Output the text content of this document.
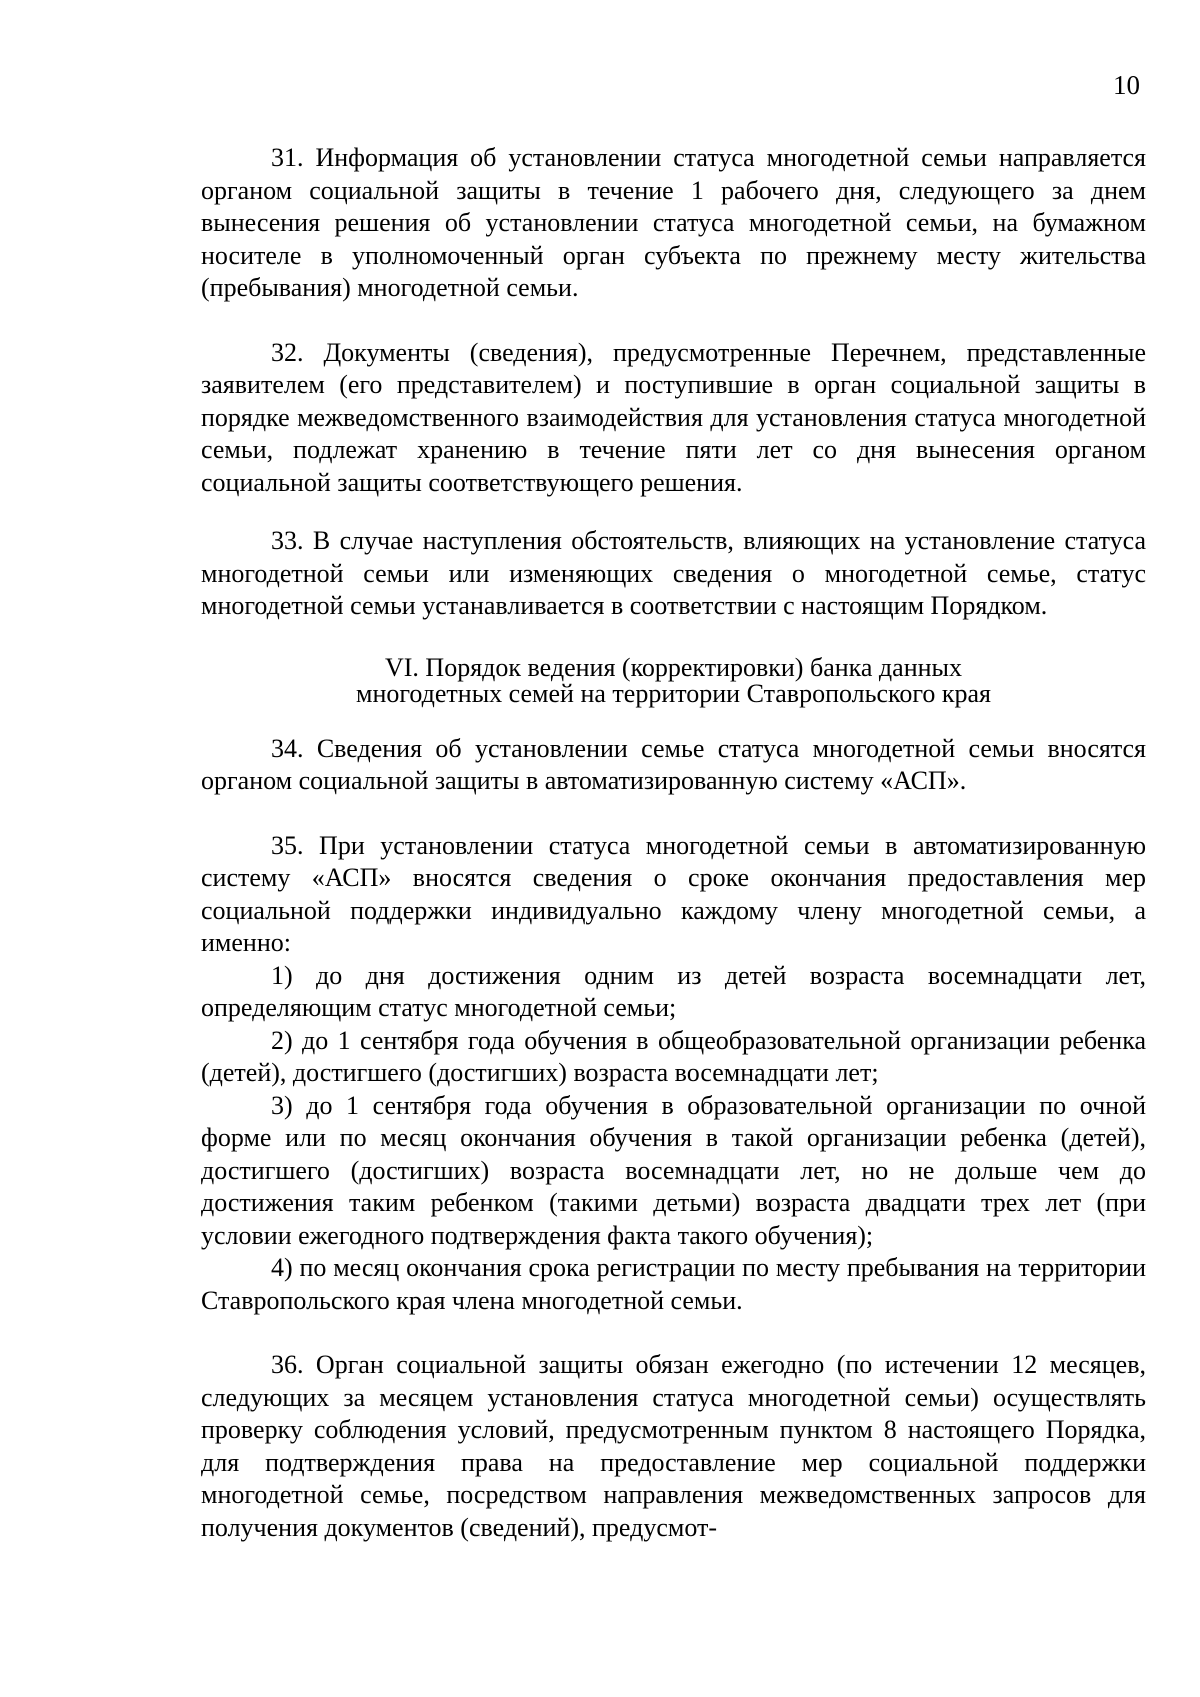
10

31. Информация об установлении статуса многодетной семьи направляется органом социальной защиты в течение 1 рабочего дня, следующего за днем вынесения решения об установлении статуса многодетной семьи, на бумажном носителе в уполномоченный орган субъекта по прежнему месту жительства (пребывания) многодетной семьи.

32. Документы (сведения), предусмотренные Перечнем, представленные заявителем (его представителем) и поступившие в орган социальной защиты в порядке межведомственного взаимодействия для установления статуса многодетной семьи, подлежат хранению в течение пяти лет со дня вынесения органом социальной защиты соответствующего решения.

33. В случае наступления обстоятельств, влияющих на установление статуса многодетной семьи или изменяющих сведения о многодетной семье, статус многодетной семьи устанавливается в соответствии с настоящим Порядком.

VI. Порядок ведения (корректировки) банка данных
многодетных семей на территории Ставропольского края

34. Сведения об установлении семье статуса многодетной семьи вносятся органом социальной защиты в автоматизированную систему «АСП».

35. При установлении статуса многодетной семьи в автоматизированную систему «АСП» вносятся сведения о сроке окончания предоставления мер социальной поддержки индивидуально каждому члену многодетной семьи, а именно:

1) до дня достижения одним из детей возраста восемнадцати лет, определяющим статус многодетной семьи;
2) до 1 сентября года обучения в общеобразовательной организации ребенка (детей), достигшего (достигших) возраста восемнадцати лет;
3) до 1 сентября года обучения в образовательной организации по очной форме или по месяц окончания обучения в такой организации ребенка (детей), достигшего (достигших) возраста восемнадцати лет, но не дольше чем до достижения таким ребенком (такими детьми) возраста двадцати трех лет (при условии ежегодного подтверждения факта такого обучения);
4) по месяц окончания срока регистрации по месту пребывания на территории Ставропольского края члена многодетной семьи.

36. Орган социальной защиты обязан ежегодно (по истечении 12 месяцев, следующих за месяцем установления статуса многодетной семьи) осуществлять проверку соблюдения условий, предусмотренным пунктом 8 настоящего Порядка, для подтверждения права на предоставление мер социальной поддержки многодетной семье, посредством направления межведомственных запросов для получения документов (сведений), предусмот-
